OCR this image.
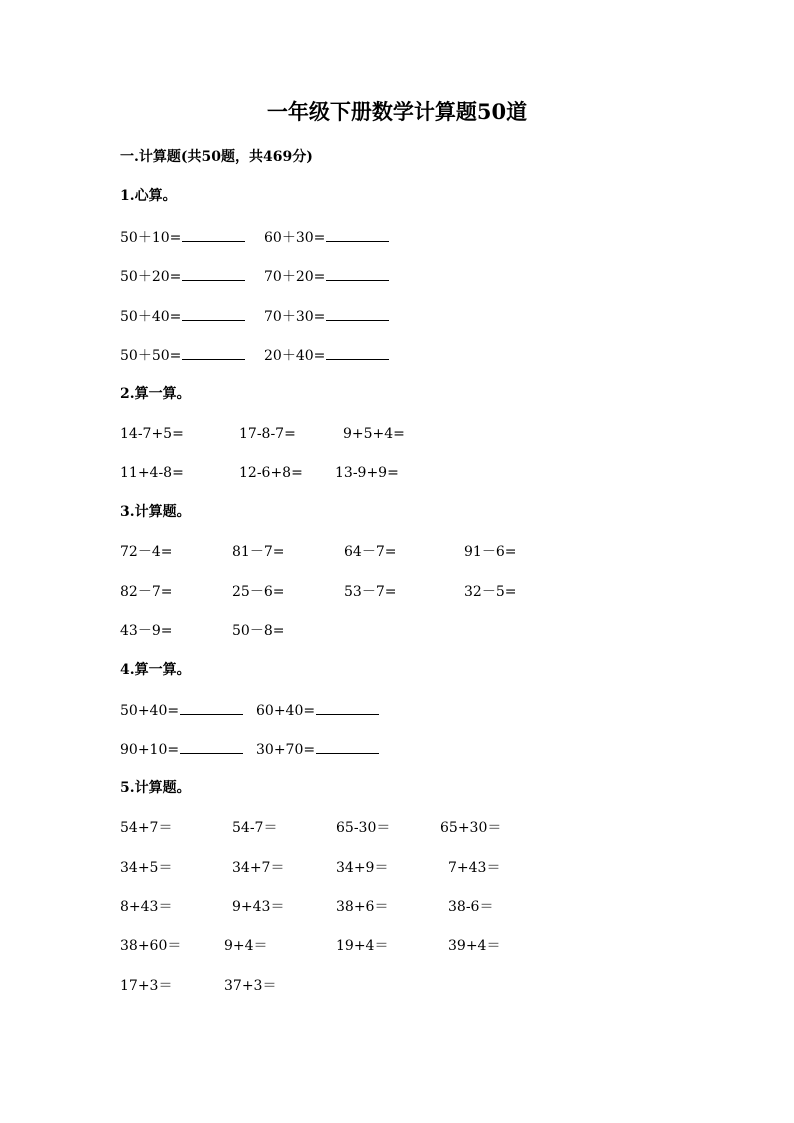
一年级下册数学计算题50道
一.计算题(共50题，共469分)
1.心算。
50＋10=	60＋30=
50＋20=	70＋20=
50＋40=	70＋30=
50＋50=	20＋40=
2.算一算。
14-7+5=	17-8-7=	9+5+4=
11+4-8=	12-6+8= 13-9+9=
3.计算题。
72－4=	81－7=	64－7=	91－6=
82－7=	25－6=	53－7=	32－5=
43－9=	50－8=
4.算一算。
50+40=	60+40=
90+10=	30+70=
5.计算题。
54+7＝	54-7＝	65-30＝	65+30＝
34+5＝	34+7＝	34+9＝	7+43＝
8+43＝	9+43＝	38+6＝	38-6＝
38+60＝	9+4＝	19+4＝	39+4＝
17+3＝	37+3＝
